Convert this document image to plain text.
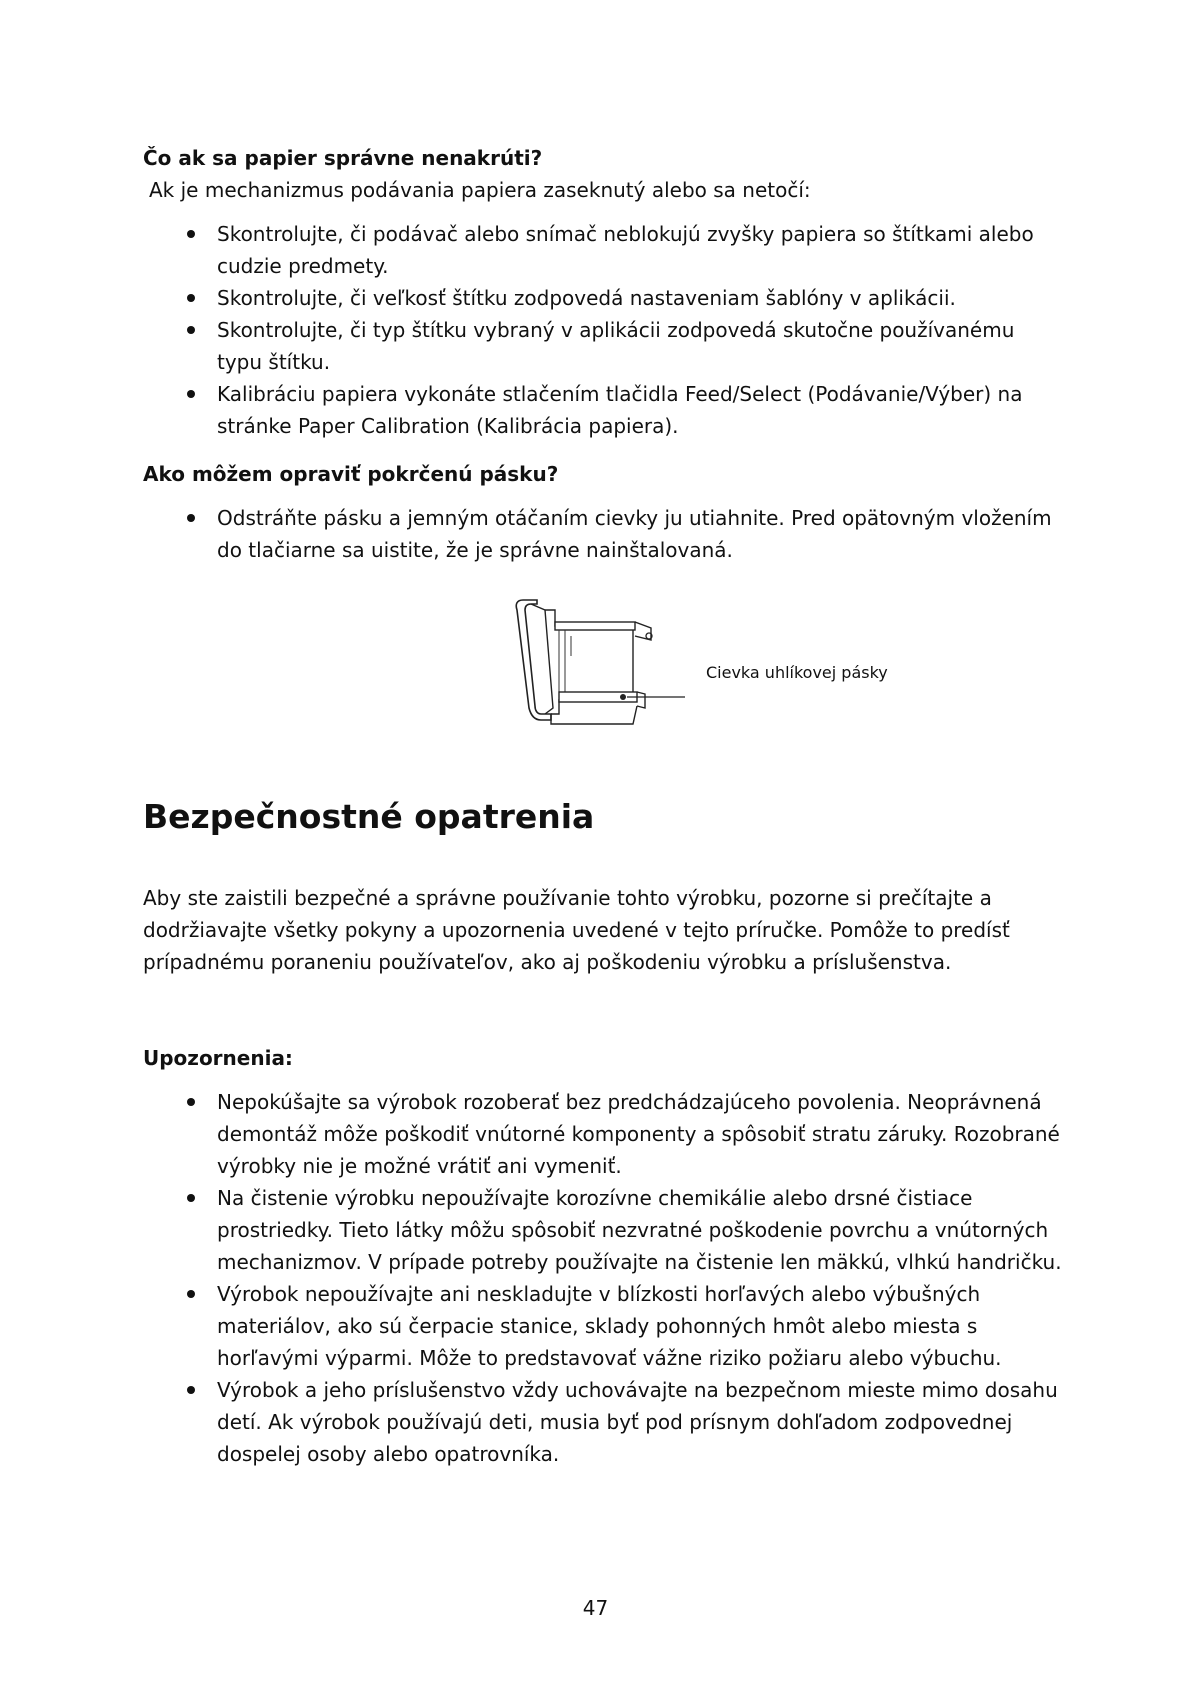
Čo ak sa papier správne nenakrúti?
Ak je mechanizmus podávania papiera zaseknutý alebo sa netočí:
Skontrolujte, či podávač alebo snímač neblokujú zvyšky papiera so štítkami alebo cudzie predmety.
Skontrolujte, či veľkosť štítku zodpovedá nastaveniam šablóny v aplikácii.
Skontrolujte, či typ štítku vybraný v aplikácii zodpovedá skutočne používanému typu štítku.
Kalibráciu papiera vykonáte stlačením tlačidla Feed/Select (Podávanie/Výber) na stránke Paper Calibration (Kalibrácia papiera).
Ako môžem opraviť pokrčenú pásku?
Odstráňte pásku a jemným otáčaním cievky ju utiahnite. Pred opätovným vložením do tlačiarne sa uistite, že je správne nainštalovaná.
Cievka uhlíkovej pásky
Bezpečnostné opatrenia
Aby ste zaistili bezpečné a správne používanie tohto výrobku, pozorne si prečítajte a dodržiavajte všetky pokyny a upozornenia uvedené v tejto príručke. Pomôže to predísť prípadnému poraneniu používateľov, ako aj poškodeniu výrobku a príslušenstva.
Upozornenia:
Nepokúšajte sa výrobok rozoberať bez predchádzajúceho povolenia. Neoprávnená demontáž môže poškodiť vnútorné komponenty a spôsobiť stratu záruky. Rozobrané výrobky nie je možné vrátiť ani vymeniť.
Na čistenie výrobku nepoužívajte korozívne chemikálie alebo drsné čistiace prostriedky. Tieto látky môžu spôsobiť nezvratné poškodenie povrchu a vnútorných mechanizmov. V prípade potreby používajte na čistenie len mäkkú, vlhkú handričku.
Výrobok nepoužívajte ani neskladujte v blízkosti horľavých alebo výbušných materiálov, ako sú čerpacie stanice, sklady pohonných hmôt alebo miesta s horľavými výparmi. Môže to predstavovať vážne riziko požiaru alebo výbuchu.
Výrobok a jeho príslušenstvo vždy uchovávajte na bezpečnom mieste mimo dosahu detí. Ak výrobok používajú deti, musia byť pod prísnym dohľadom zodpovednej dospelej osoby alebo opatrovníka.
47
